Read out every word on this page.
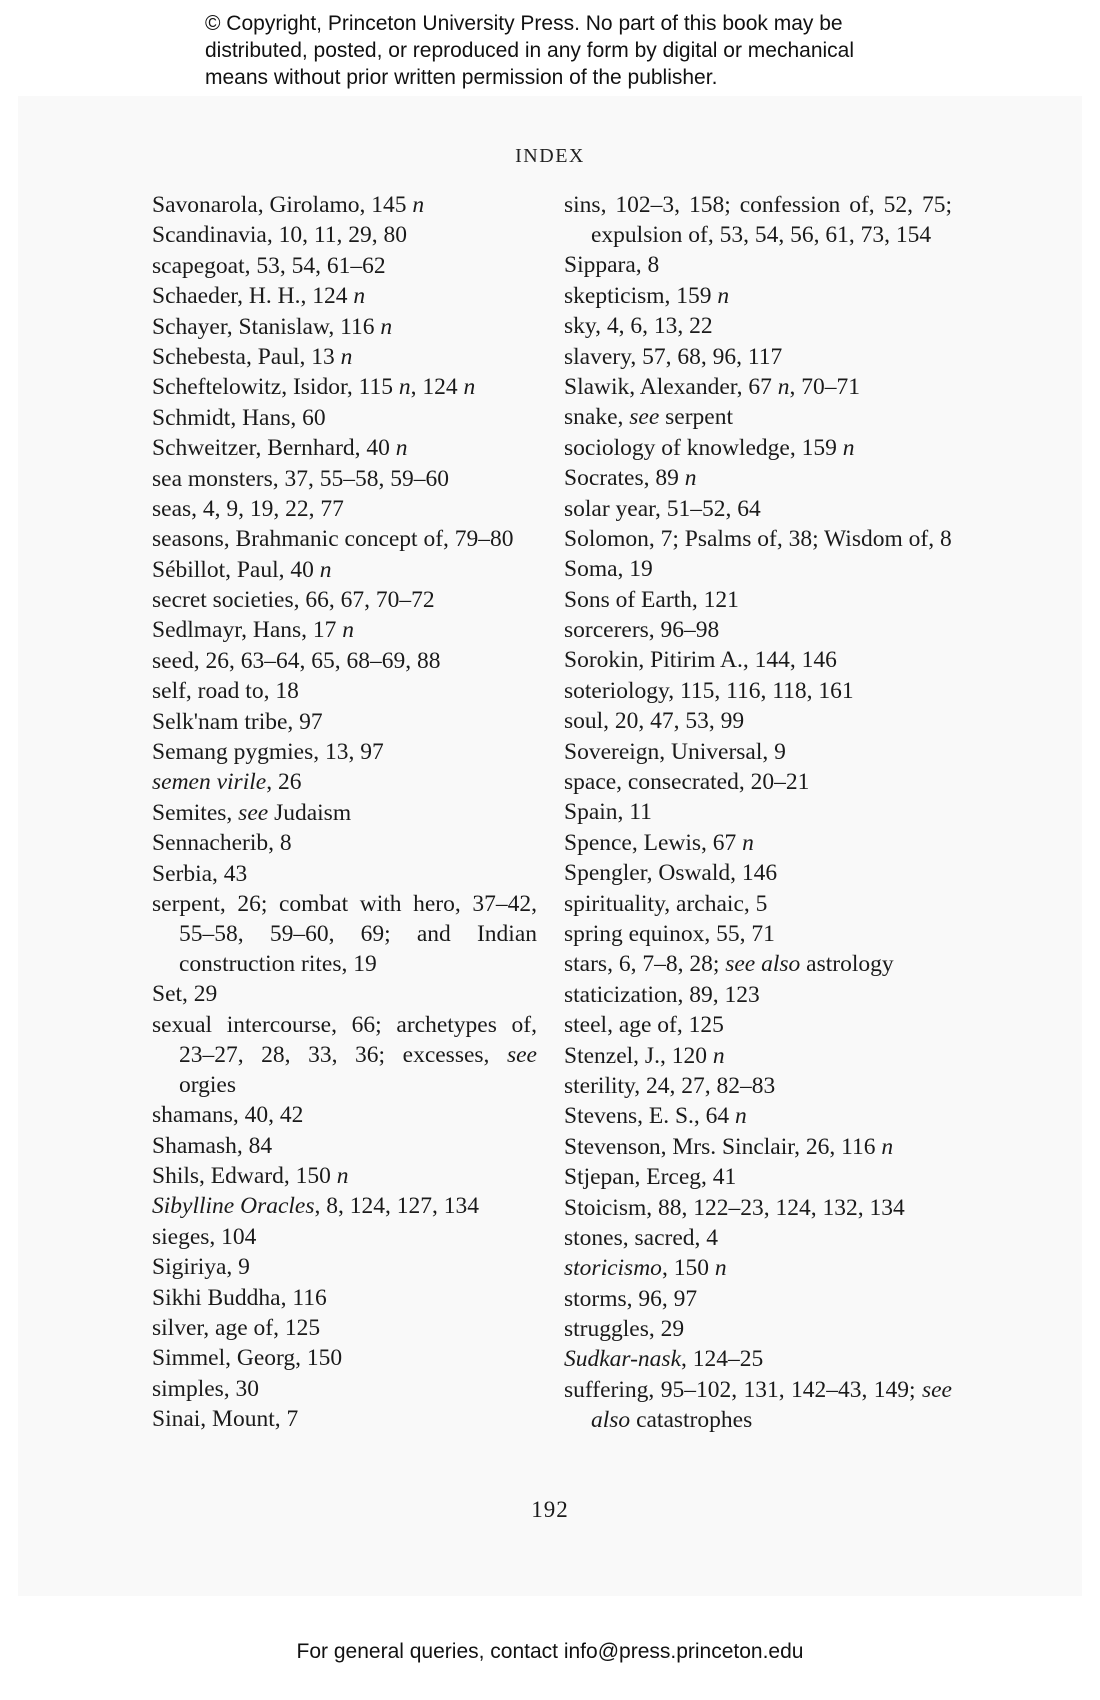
© Copyright, Princeton University Press. No part of this book may be
distributed, posted, or reproduced in any form by digital or mechanical
means without prior written permission of the publisher.
INDEX
Savonarola, Girolamo, 145 n
Scandinavia, 10, 11, 29, 80
scapegoat, 53, 54, 61–62
Schaeder, H. H., 124 n
Schayer, Stanislaw, 116 n
Schebesta, Paul, 13 n
Scheftelowitz, Isidor, 115 n, 124 n
Schmidt, Hans, 60
Schweitzer, Bernhard, 40 n
sea monsters, 37, 55–58, 59–60
seas, 4, 9, 19, 22, 77
seasons, Brahmanic concept of, 79–80
Sébillot, Paul, 40 n
secret societies, 66, 67, 70–72
Sedlmayr, Hans, 17 n
seed, 26, 63–64, 65, 68–69, 88
self, road to, 18
Selk'nam tribe, 97
Semang pygmies, 13, 97
semen virile, 26
Semites, see Judaism
Sennacherib, 8
Serbia, 43
serpent, 26; combat with hero, 37–42, 55–58, 59–60, 69; and Indian construction rites, 19
Set, 29
sexual intercourse, 66; archetypes of, 23–27, 28, 33, 36; excesses, see orgies
shamans, 40, 42
Shamash, 84
Shils, Edward, 150 n
Sibylline Oracles, 8, 124, 127, 134
sieges, 104
Sigiriya, 9
Sikhi Buddha, 116
silver, age of, 125
Simmel, Georg, 150
simples, 30
Sinai, Mount, 7
sins, 102–3, 158; confession of, 52, 75; expulsion of, 53, 54, 56, 61, 73, 154
Sippara, 8
skepticism, 159 n
sky, 4, 6, 13, 22
slavery, 57, 68, 96, 117
Slawik, Alexander, 67 n, 70–71
snake, see serpent
sociology of knowledge, 159 n
Socrates, 89 n
solar year, 51–52, 64
Solomon, 7; Psalms of, 38; Wisdom of, 8
Soma, 19
Sons of Earth, 121
sorcerers, 96–98
Sorokin, Pitirim A., 144, 146
soteriology, 115, 116, 118, 161
soul, 20, 47, 53, 99
Sovereign, Universal, 9
space, consecrated, 20–21
Spain, 11
Spence, Lewis, 67 n
Spengler, Oswald, 146
spirituality, archaic, 5
spring equinox, 55, 71
stars, 6, 7–8, 28; see also astrology
staticization, 89, 123
steel, age of, 125
Stenzel, J., 120 n
sterility, 24, 27, 82–83
Stevens, E. S., 64 n
Stevenson, Mrs. Sinclair, 26, 116 n
Stjepan, Erceg, 41
Stoicism, 88, 122–23, 124, 132, 134
stones, sacred, 4
storicismo, 150 n
storms, 96, 97
struggles, 29
Sudkar-nask, 124–25
suffering, 95–102, 131, 142–43, 149; see also catastrophes
192
For general queries, contact info@press.princeton.edu
